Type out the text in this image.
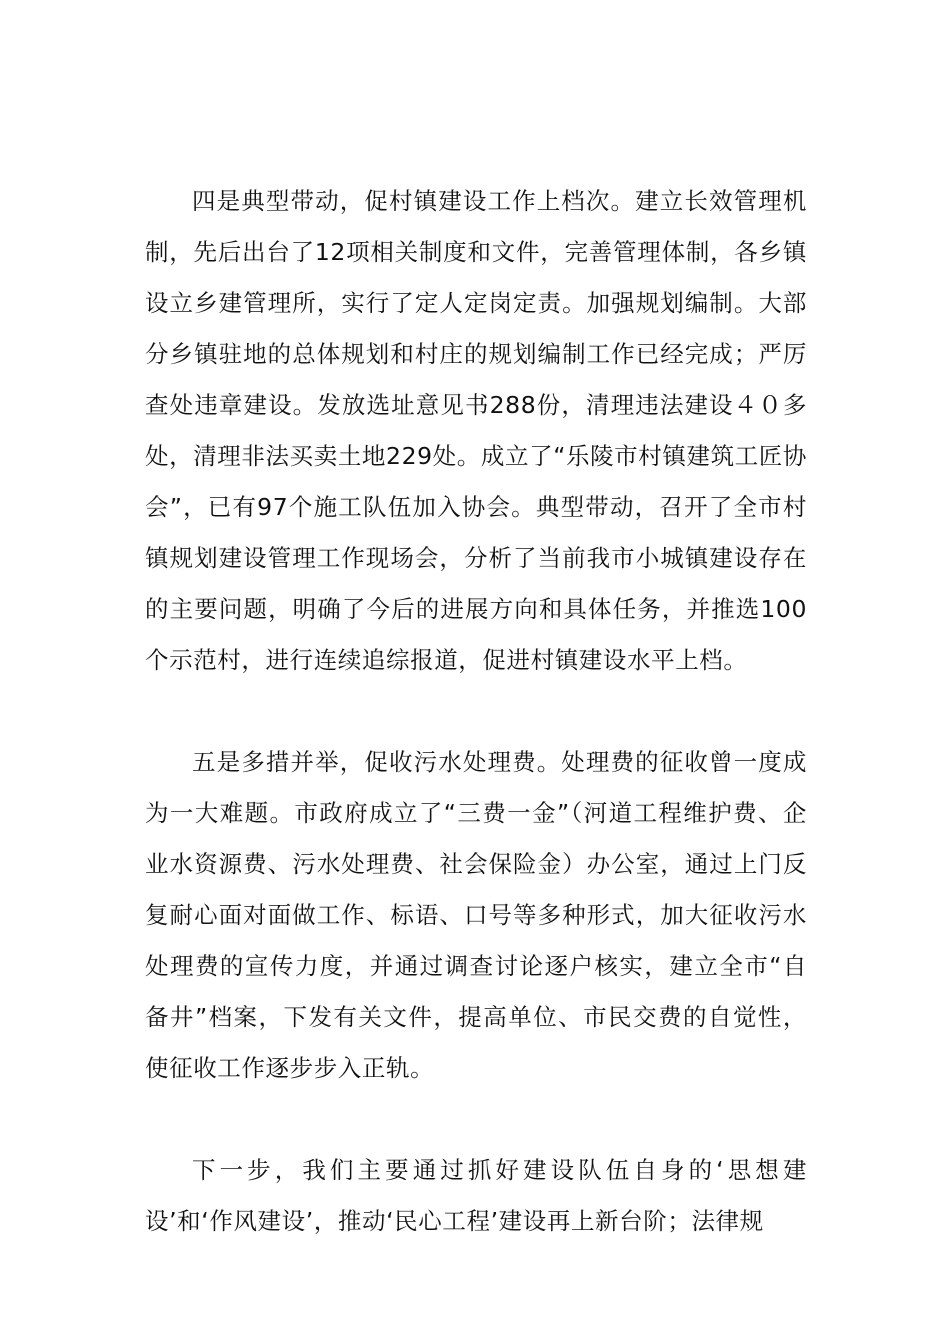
四是典型带动，促村镇建设工作上档次。建立长效管理机制，先后出台了12项相关制度和文件，完善管理体制，各乡镇设立乡建管理所，实行了定人定岗定责。加强规划编制。大部分乡镇驻地的总体规划和村庄的规划编制工作已经完成；严厉查处违章建设。发放选址意见书288份，清理违法建设４０多处，清理非法买卖土地229处。成立了“乐陵市村镇建筑工匠协会”，已有97个施工队伍加入协会。典型带动，召开了全市村镇规划建设管理工作现场会，分析了当前我市小城镇建设存在的主要问题，明确了今后的进展方向和具体任务，并推选100个示范村，进行连续追综报道，促进村镇建设水平上档。

五是多措并举，促收污水处理费。处理费的征收曾一度成为一大难题。市政府成立了“三费一金”（河道工程维护费、企业水资源费、污水处理费、社会保险金）办公室，通过上门反复耐心面对面做工作、标语、口号等多种形式，加大征收污水处理费的宣传力度，并通过调查讨论逐户核实，建立全市“自备井”档案，下发有关文件，提高单位、市民交费的自觉性，使征收工作逐步步入正轨。

下一步，我们主要通过抓好建设队伍自身的‘思想建设’和‘作风建设’，推动‘民心工程’建设再上新台阶；法律规
